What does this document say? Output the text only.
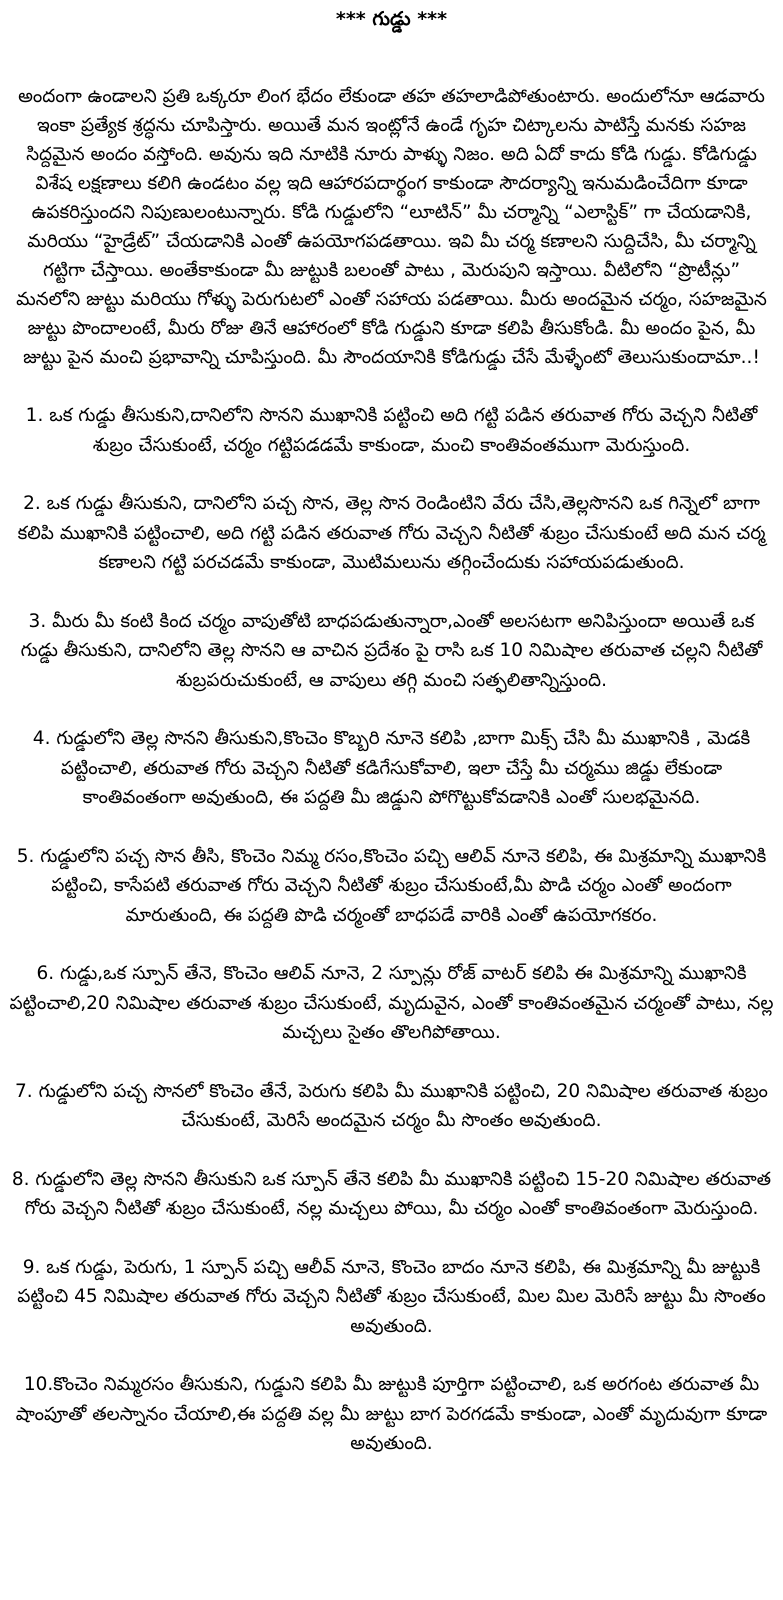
*** గుడ్డు ***

అందంగా ఉండాలని ప్రతి ఒక్కరూ లింగ భేదం లేకుండా తహ తహలాడిపోతుంటారు. అందులోనూ ఆడవారు ఇంకా ప్రత్యేక శ్రద్ధను చూపిస్తారు. అయితే మన ఇంట్లోనే ఉండే గృహ చిట్కాలను పాటిస్తే మనకు సహజ సిద్దమైన అందం వస్తోంది. అవును ఇది నూటికి నూరు పాళ్ళు నిజం. అది ఏదో కాదు కోడి గుడ్డు. కోడిగుడ్డు విశేష లక్షణాలు కలిగి ఉండటం వల్ల ఇది ఆహారపదార్థంగ కాకుండా సౌదర్యాన్ని ఇనుమడించేదిగా కూడా ఉపకరిస్తుందని నిపుణులంటున్నారు. కోడి గుడ్డులోని “లూటిన్” మీ చర్మాన్ని “ఎలాస్టిక్” గా చేయడానికి, మరియు “హైడ్రేట్” చేయడానికి ఎంతో ఉపయోగపడతాయి. ఇవి మీ చర్మ కణాలని సుద్దిచేసి, మీ చర్మాన్ని గట్టిగా చేస్తాయి. అంతేకాకుండా మీ జుట్టుకి బలంతో పాటు , మెరుపుని ఇస్తాయి. వీటిలోని “ప్రొటీన్లు” మనలోని జుట్టు మరియు గోళ్ళు పెరుగుటలో ఎంతో సహాయ పడతాయి. మీరు అందమైన చర్మం, సహజమైన జుట్టు పొందాలంటే, మీరు రోజు తినే ఆహారంలో కోడి గుడ్డుని కూడా కలిపి తీసుకోండి. మీ అందం పైన, మీ జుట్టు పైన మంచి ప్రభావాన్ని చూపిస్తుంది. మీ సౌందయానికి కోడిగుడ్డు చేసే మేళ్ళేంటో తెలుసుకుందామా..!

1. ఒక గుడ్డు తీసుకుని,దానిలోని సొనని ముఖానికి పట్టించి అది గట్టి పడిన తరువాత గోరు వెచ్చని నీటితో శుబ్రం చేసుకుంటే, చర్మం గట్టిపడడమే కాకుండా, మంచి కాంతివంతముగా మెరుస్తుంది.
2. ఒక గుడ్డు తీసుకుని, దానిలోని పచ్చ సొన, తెల్ల సొన రెండింటిని వేరు చేసి,తెల్లసొనని ఒక గిన్నెలో బాగా కలిపి ముఖానికి పట్టించాలి, అది గట్టి పడిన తరువాత గోరు వెచ్చని నీటితో శుబ్రం చేసుకుంటే అది మన చర్మ కణాలని గట్టి పరచడమే కాకుండా, మొటిమలును తగ్గించేందుకు సహాయపడుతుంది.
3. మీరు మీ కంటి కింద చర్మం వాపుతోటి బాధపడుతున్నారా,ఎంతో అలసటగా అనిపిస్తుందా అయితే ఒక గుడ్డు తీసుకుని, దానిలోని తెల్ల సొనని ఆ వాచిన ప్రదేశం పై రాసి ఒక 10 నిమిషాల తరువాత చల్లని నీటితో శుబ్రపరుచుకుంటే, ఆ వాపులు తగ్గి మంచి సత్ఫలితాన్నిస్తుంది.
4. గుడ్డులోని తెల్ల సొనని తీసుకుని,కొంచెం కొబ్బరి నూనె కలిపి ,బాగా మిక్స్ చేసి మీ ముఖానికి , మెడకి పట్టించాలి, తరువాత గోరు వెచ్చని నీటితో కడిగేసుకోవాలి, ఇలా చేస్తే మీ చర్మము జిడ్డు లేకుండా కాంతివంతంగా అవుతుంది, ఈ పద్దతి మీ జిడ్డుని పోగొట్టుకోవడానికి ఎంతో సులభమైనది.
5. గుడ్డులోని పచ్చ సొన తీసి, కొంచెం నిమ్మ రసం,కొంచెం పచ్చి ఆలివ్ నూనె కలిపి, ఈ మిశ్రమాన్ని ముఖానికి పట్టించి, కాసేపటి తరువాత గోరు వెచ్చని నీటితో శుబ్రం చేసుకుంటే,మీ పొడి చర్మం ఎంతో అందంగా మారుతుంది, ఈ పద్దతి పొడి చర్మంతో బాధపడే వారికి ఎంతో ఉపయోగకరం.
6. గుడ్డు,ఒక స్పూన్ తేనె, కొంచెం ఆలివ్ నూనె, 2 స్పూన్లు రోజ్ వాటర్ కలిపి ఈ మిశ్రమాన్ని ముఖానికి పట్టించాలి,20 నిమిషాల తరువాత శుబ్రం చేసుకుంటే, మృదువైన, ఎంతో కాంతివంతమైన చర్మంతో పాటు, నల్ల మచ్చలు సైతం తొలగిపోతాయి.
7. గుడ్డులోని పచ్చ సొనలో కొంచెం తేనే, పెరుగు కలిపి మీ ముఖానికి పట్టించి, 20 నిమిషాల తరువాత శుబ్రం చేసుకుంటే, మెరిసే అందమైన చర్మం మీ సొంతం అవుతుంది.
8. గుడ్డులోని తెల్ల సొనని తీసుకుని ఒక స్పూన్ తేనె కలిపి మీ ముఖానికి పట్టించి 15-20 నిమిషాల తరువాత గోరు వెచ్చని నీటితో శుబ్రం చేసుకుంటే, నల్ల మచ్చలు పోయి, మీ చర్మం ఎంతో కాంతివంతంగా మెరుస్తుంది.
9. ఒక గుడ్డు, పెరుగు, 1 స్పూన్ పచ్చి ఆలీవ్ నూనె, కొంచెం బాదం నూనె కలిపి, ఈ మిశ్రమాన్ని మీ జుట్టుకి పట్టించి 45 నిమిషాల తరువాత గోరు వెచ్చని నీటితో శుబ్రం చేసుకుంటే, మిల మిల మెరిసే జుట్టు మీ సొంతం అవుతుంది.
10.కొంచెం నిమ్మరసం తీసుకుని, గుడ్డుని కలిపి మీ జుట్టుకి పూర్తిగా పట్టించాలి, ఒక అరగంట తరువాత మీ షాంపూతో తలస్నానం చేయాలి,ఈ పద్దతి వల్ల మీ జుట్టు బాగ పెరగడమే కాకుండా, ఎంతో మృదువుగా కూడా అవుతుంది.
